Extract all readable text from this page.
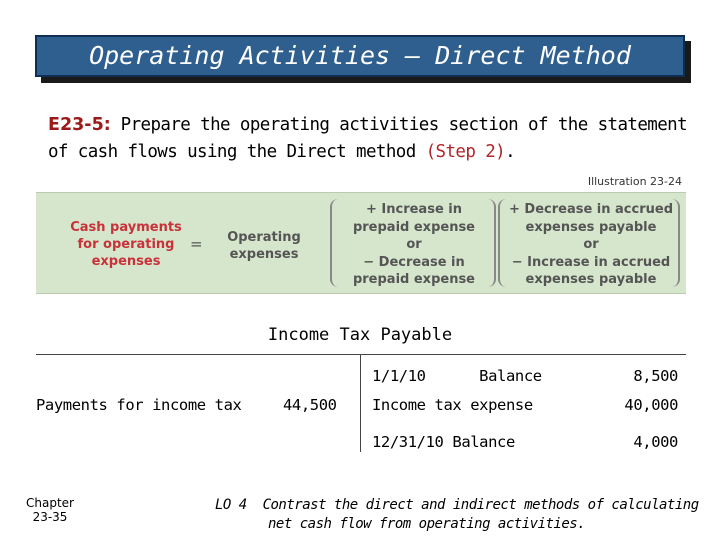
Operating Activities — Direct Method
E23-5: Prepare the operating activities section of the statement of cash flows using the Direct method (Step 2).
Illustration 23-24
Cash payments
for operating
expenses
= Operating
expenses
+ Increase in
prepaid expense
or
− Decrease in
prepaid expense
+ Decrease in accrued
expenses payable
or
− Increase in accrued
expenses payable
Income Tax Payable
Payments for income tax	44,500
1/1/10      Balance	8,500
Income tax expense	40,000
12/31/10 Balance	4,000
Chapter
23-35
LO 4  Contrast the direct and indirect methods of calculating
net cash flow from operating activities.
